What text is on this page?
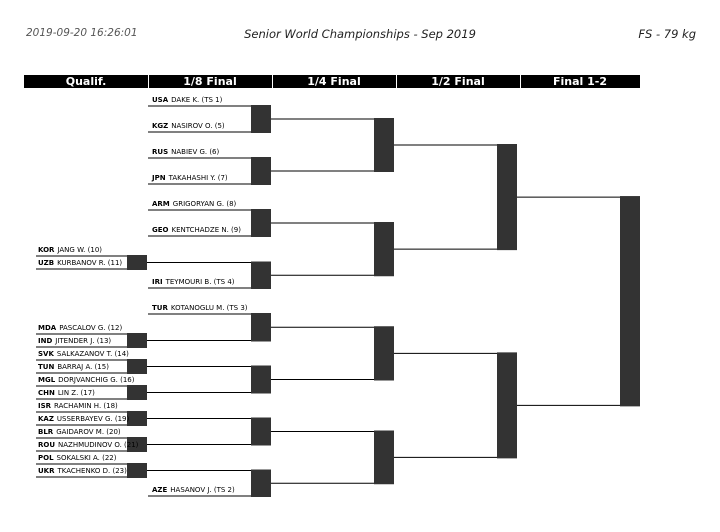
2019-09-20 16:26:01	Senior World Championships - Sep 2019	FS - 79 kg
Qualif.	1/8 Final	1/4 Final	1/2 Final	Final 1-2
KOR JANG W. (10)
UZB KURBANOV R. (11)
MDA PASCALOV G. (12)
IND JITENDER J. (13)
SVK SALKAZANOV T. (14)
TUN BARRAJ A. (15)
MGL DORJVANCHIG G. (16)
CHN LIN Z. (17)
ISR RACHAMIN H. (18)
KAZ USSERBAYEV G. (19)
BLR GAIDAROV M. (20)
ROU NAZHMUDINOV O. (21)
POL SOKALSKI A. (22)
UKR TKACHENKO D. (23)
USA DAKE K. (TS 1)
KGZ NASIROV O. (5)
RUS NABIEV G. (6)
JPN TAKAHASHI Y. (7)
ARM GRIGORYAN G. (8)
GEO KENTCHADZE N. (9)
IRI TEYMOURI B. (TS 4)
TUR KOTANOGLU M. (TS 3)
AZE HASANOV J. (TS 2)
